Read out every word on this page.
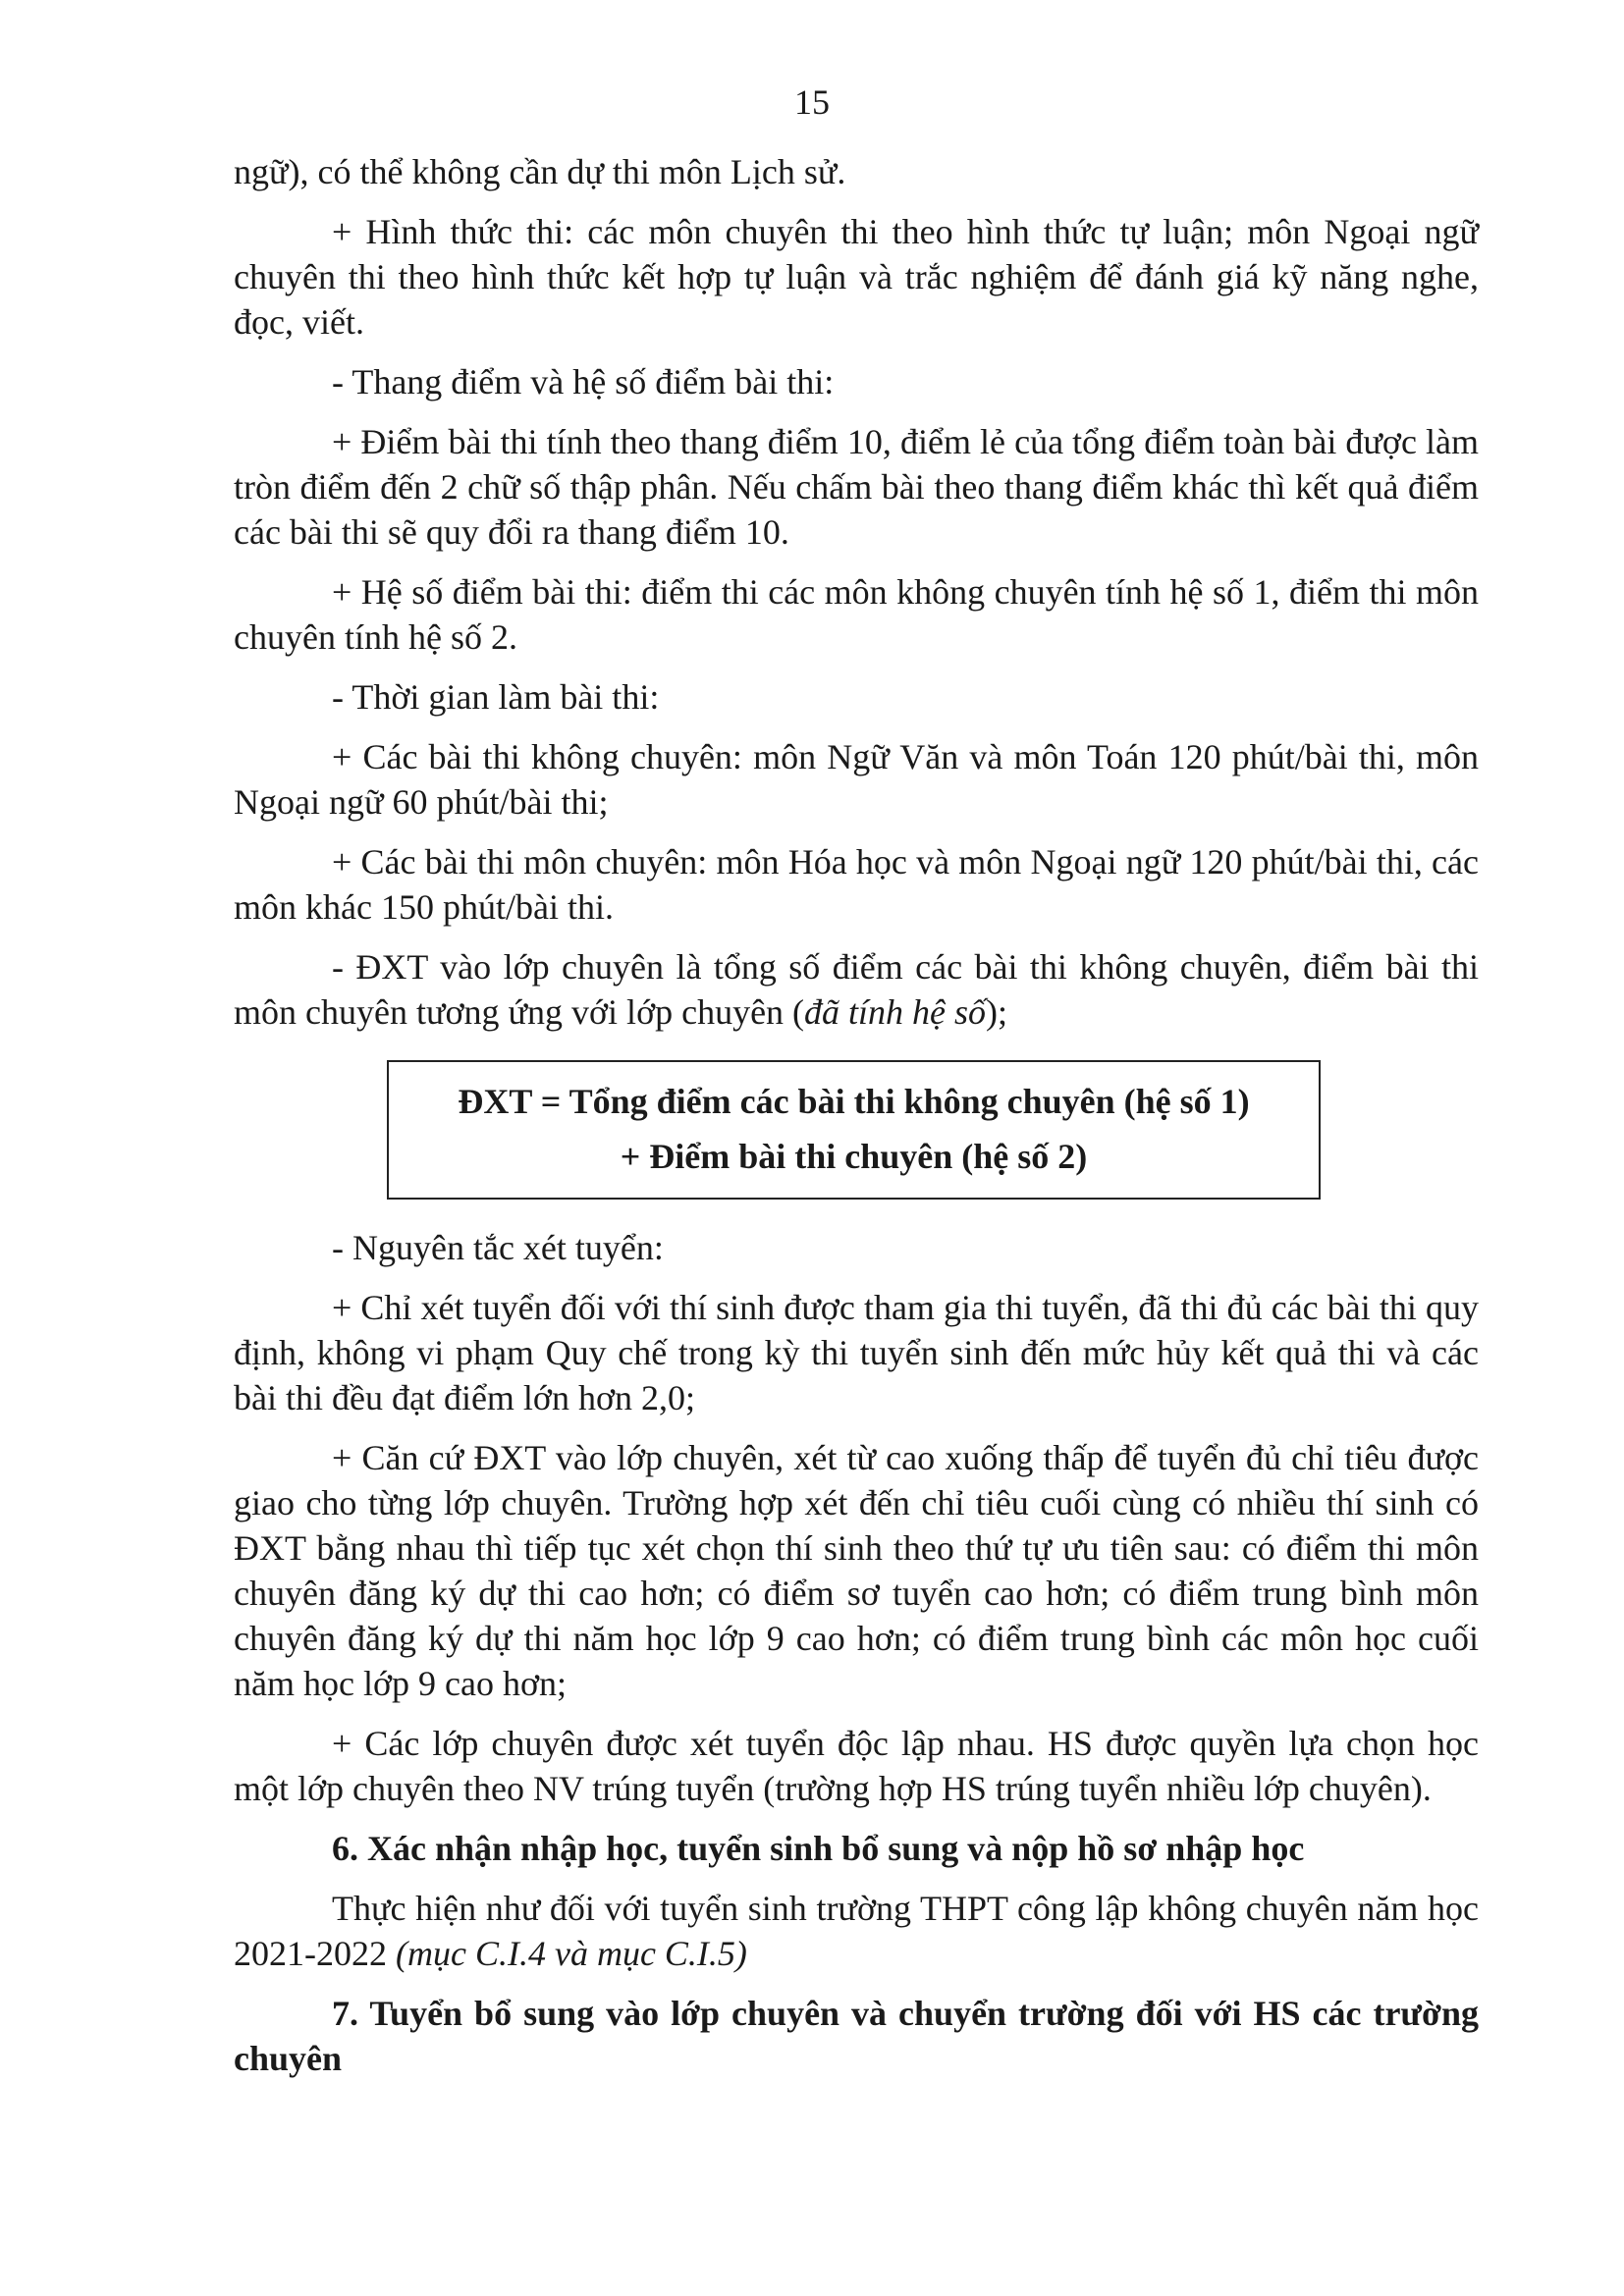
15

ngữ), có thể không cần dự thi môn Lịch sử.

+ Hình thức thi: các môn chuyên thi theo hình thức tự luận; môn Ngoại ngữ chuyên thi theo hình thức kết hợp tự luận và trắc nghiệm để đánh giá kỹ năng nghe, đọc, viết.

- Thang điểm và hệ số điểm bài thi:

+ Điểm bài thi tính theo thang điểm 10, điểm lẻ của tổng điểm toàn bài được làm tròn điểm đến 2 chữ số thập phân. Nếu chấm bài theo thang điểm khác thì kết quả điểm các bài thi sẽ quy đổi ra thang điểm 10.

+ Hệ số điểm bài thi: điểm thi các môn không chuyên tính hệ số 1, điểm thi môn chuyên tính hệ số 2.

- Thời gian làm bài thi:

+ Các bài thi không chuyên: môn Ngữ Văn và môn Toán 120 phút/bài thi, môn Ngoại ngữ 60 phút/bài thi;

+ Các bài thi môn chuyên: môn Hóa học và môn Ngoại ngữ 120 phút/bài thi, các môn khác 150 phút/bài thi.

- ĐXT vào lớp chuyên là tổng số điểm các bài thi không chuyên, điểm bài thi môn chuyên tương ứng với lớp chuyên (đã tính hệ số);

ĐXT = Tổng điểm các bài thi không chuyên (hệ số 1)
+ Điểm bài thi chuyên (hệ số 2)

- Nguyên tắc xét tuyển:

+ Chỉ xét tuyển đối với thí sinh được tham gia thi tuyển, đã thi đủ các bài thi quy định, không vi phạm Quy chế trong kỳ thi tuyển sinh đến mức hủy kết quả thi và các bài thi đều đạt điểm lớn hơn 2,0;

+ Căn cứ ĐXT vào lớp chuyên, xét từ cao xuống thấp để tuyển đủ chỉ tiêu được giao cho từng lớp chuyên. Trường hợp xét đến chỉ tiêu cuối cùng có nhiều thí sinh có ĐXT bằng nhau thì tiếp tục xét chọn thí sinh theo thứ tự ưu tiên sau: có điểm thi môn chuyên đăng ký dự thi cao hơn; có điểm sơ tuyển cao hơn; có điểm trung bình môn chuyên đăng ký dự thi năm học lớp 9 cao hơn; có điểm trung bình các môn học cuối năm học lớp 9 cao hơn;

+ Các lớp chuyên được xét tuyển độc lập nhau. HS được quyền lựa chọn học một lớp chuyên theo NV trúng tuyển (trường hợp HS trúng tuyển nhiều lớp chuyên).

6. Xác nhận nhập học, tuyển sinh bổ sung và nộp hồ sơ nhập học

Thực hiện như đối với tuyển sinh trường THPT công lập không chuyên năm học 2021-2022 (mục C.I.4 và mục C.I.5)

7. Tuyển bổ sung vào lớp chuyên và chuyển trường đối với HS các trường chuyên
